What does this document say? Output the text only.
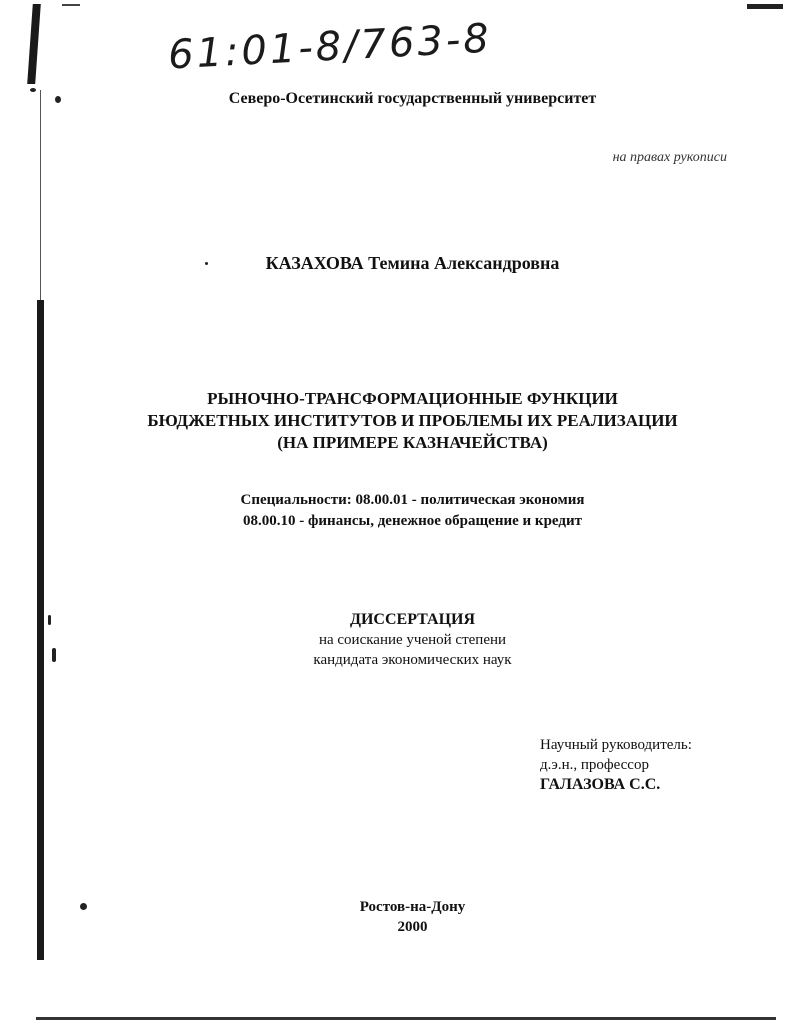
61:01-8/763-8
Северо-Осетинский государственный университет
на правах рукописи
КАЗАХОВА Темина Александровна
РЫНОЧНО-ТРАНСФОРМАЦИОННЫЕ ФУНКЦИИ
БЮДЖЕТНЫХ ИНСТИТУТОВ И ПРОБЛЕМЫ ИХ РЕАЛИЗАЦИИ
(НА ПРИМЕРЕ КАЗНАЧЕЙСТВА)
Специальности: 08.00.01 - политическая экономия
08.00.10 - финансы, денежное обращение и кредит
ДИССЕРТАЦИЯ
на соискание ученой степени
кандидата экономических наук
Научный руководитель:
д.э.н., профессор
ГАЛАЗОВА С.С.
Ростов-на-Дону
2000
